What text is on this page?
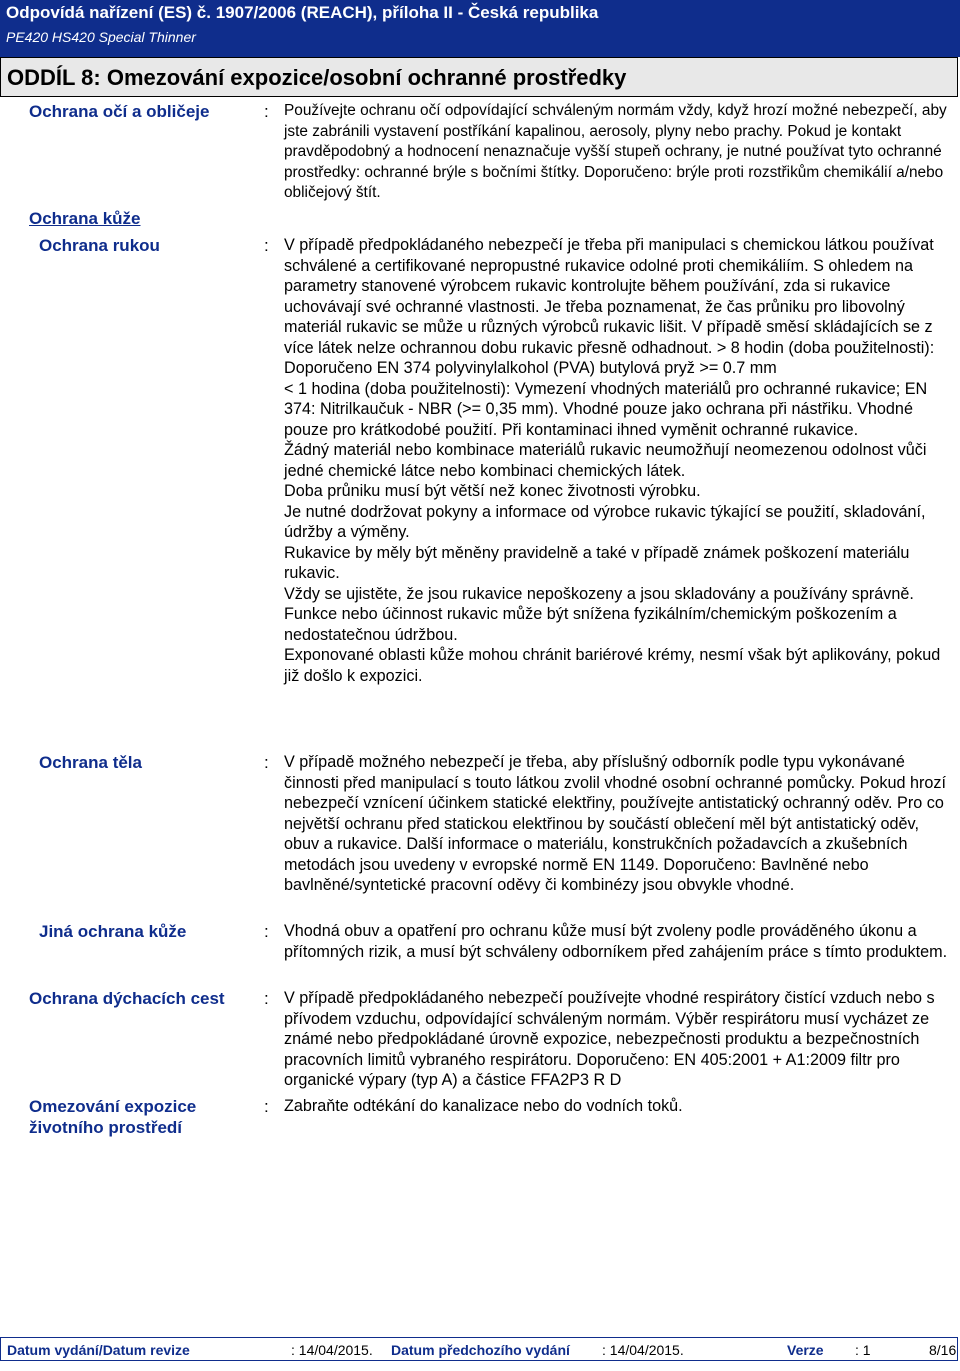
Odpovídá nařízení (ES) č. 1907/2006 (REACH), příloha II - Česká republika
PE420 HS420 Special Thinner
ODDÍL 8: Omezování expozice/osobní ochranné prostředky
Ochrana očí a obličeje	: Používejte ochranu očí odpovídající schváleným normám vždy, když hrozí možné nebezpečí, aby jste zabránili vystavení postříkání kapalinou, aerosoly, plyny nebo prachy. Pokud je kontakt pravděpodobný a hodnocení nenaznačuje vyšší stupeň ochrany, je nutné používat tyto ochranné prostředky: ochranné brýle s bočními štítky. Doporučeno: brýle proti rozstřikům chemikálií a/nebo obličejový štít.
Ochrana kůže
Ochrana rukou	: V případě předpokládaného nebezpečí je třeba při manipulaci s chemickou látkou používat schválené a certifikované nepropustné rukavice odolné proti chemikáliím. S ohledem na parametry stanovené výrobcem rukavic kontrolujte během používání, zda si rukavice uchovávají své ochranné vlastnosti. Je třeba poznamenat, že čas průniku pro libovolný materiál rukavic se může u různých výrobců rukavic lišit. V případě směsí skládajících se z více látek nelze ochrannou dobu rukavic přesně odhadnout. > 8 hodin (doba použitelnosti): Doporučeno EN 374 polyvinylalkohol (PVA) butylová pryž >= 0.7 mm

< 1 hodina (doba použitelnosti): Vymezení vhodných materiálů pro ochranné rukavice; EN 374: Nitrilkaučuk - NBR (>= 0,35 mm). Vhodné pouze jako ochrana při nástřiku. Vhodné pouze pro krátkodobé použití. Při kontaminaci ihned vyměnit ochranné rukavice.

Žádný materiál nebo kombinace materiálů rukavic neumožňují neomezenou odolnost vůči jedné chemické látce nebo kombinaci chemických látek.

Doba průniku musí být větší než konec životnosti výrobku.

Je nutné dodržovat pokyny a informace od výrobce rukavic týkající se použití, skladování, údržby a výměny.

Rukavice by měly být měněny pravidelně a také v případě známek poškození materiálu rukavic.

Vždy se ujistěte, že jsou rukavice nepoškozeny a jsou skladovány a používány správně.

Funkce nebo účinnost rukavic může být snížena fyzikálním/chemickým poškozením a nedostatečnou údržbou.

Exponované oblasti kůže mohou chránit bariérové krémy, nesmí však být aplikovány, pokud již došlo k expozici.

Ochrana těla	: V případě možného nebezpečí je třeba, aby příslušný odborník podle typu vykonávané činnosti před manipulací s touto látkou zvolil vhodné osobní ochranné pomůcky. Pokud hrozí nebezpečí vznícení účinkem statické elektřiny, používejte antistatický ochranný oděv. Pro co největší ochranu před statickou elektřinou by součástí oblečení měl být antistatický oděv, obuv a rukavice. Další informace o materiálu, konstrukčních požadavcích a zkušebních metodách jsou uvedeny v evropské normě EN 1149. Doporučeno: Bavlněné nebo bavlněné/syntetické pracovní oděvy či kombinézy jsou obvykle vhodné.
Jiná ochrana kůže	: Vhodná obuv a opatření pro ochranu kůže musí být zvoleny podle prováděného úkonu a přítomných rizik, a musí být schváleny odborníkem před zahájením práce s tímto produktem.
Ochrana dýchacích cest	: V případě předpokládaného nebezpečí používejte vhodné respirátory čistící vzduch nebo s přívodem vzduchu, odpovídající schváleným normám. Výběr respirátoru musí vycházet ze známé nebo předpokládané úrovně expozice, nebezpečnosti produktu a bezpečnostních pracovních limitů vybraného respirátoru. Doporučeno: EN 405:2001 + A1:2009 filtr pro organické výpary (typ A) a částice FFA2P3 R D
Omezování expozice životního prostředí
: Zabraňte odtékání do kanalizace nebo do vodních toků.
Datum vydání/Datum revize	: 14/04/2015. Datum předchozího vydání : 14/04/2015.	Verze : 1	8/16
